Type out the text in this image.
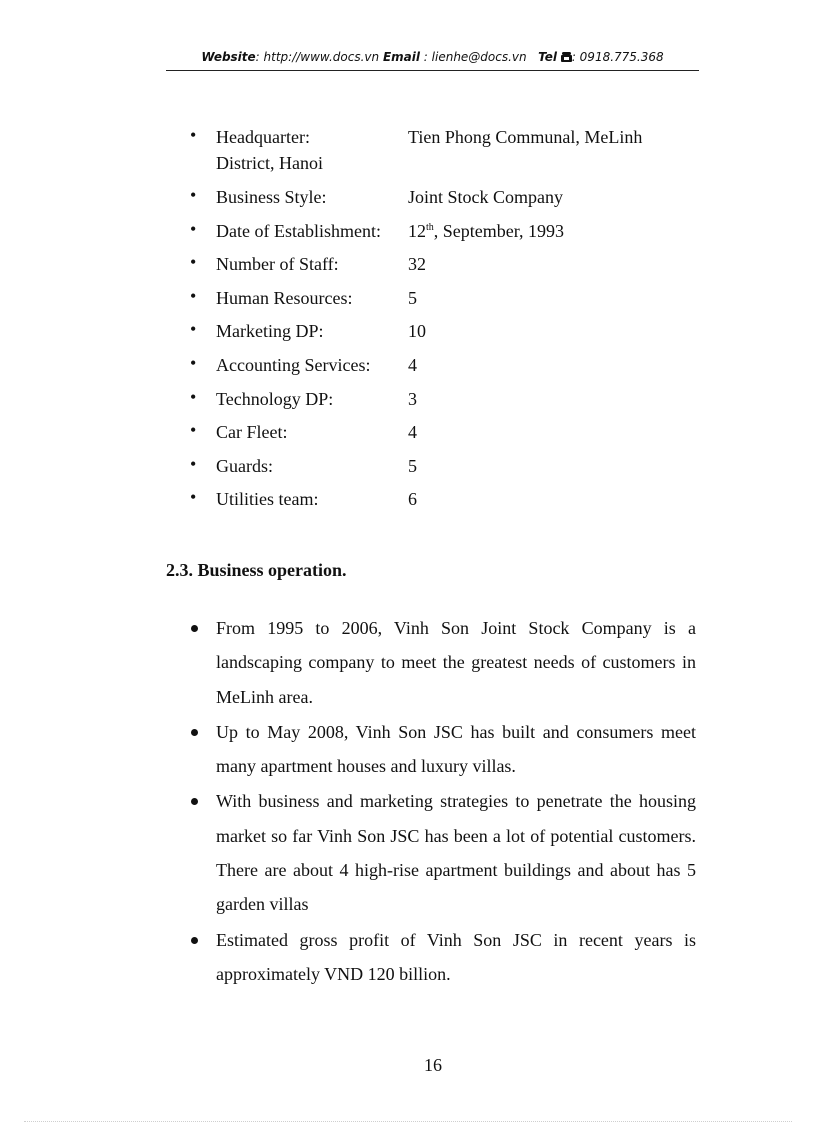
Website: http://www.docs.vn Email : lienhe@docs.vn Tel : 0918.775.368
• Headquarter:	Tien Phong Communal, MeLinh
District, Hanoi
• Business Style:	Joint Stock Company
• Date of Establishment: 12th, September, 1993
• Number of Staff:	32
• Human Resources:	5
• Marketing DP:	10
• Accounting Services: 4
• Technology DP:	3
• Car Fleet:	4
• Guards:	5
• Utilities team:	6
2.3. Business operation.
From 1995 to 2006, Vinh Son Joint Stock Company is a landscaping company to meet the greatest needs of customers in MeLinh area.
Up to May 2008, Vinh Son JSC has built and consumers meet many apartment houses and luxury villas.
With business and marketing strategies to penetrate the housing market so far Vinh Son JSC has been a lot of potential customers. There are about 4 high-rise apartment buildings and about has 5 garden villas
Estimated gross profit of Vinh Son JSC in recent years is approximately VND 120 billion.
16
